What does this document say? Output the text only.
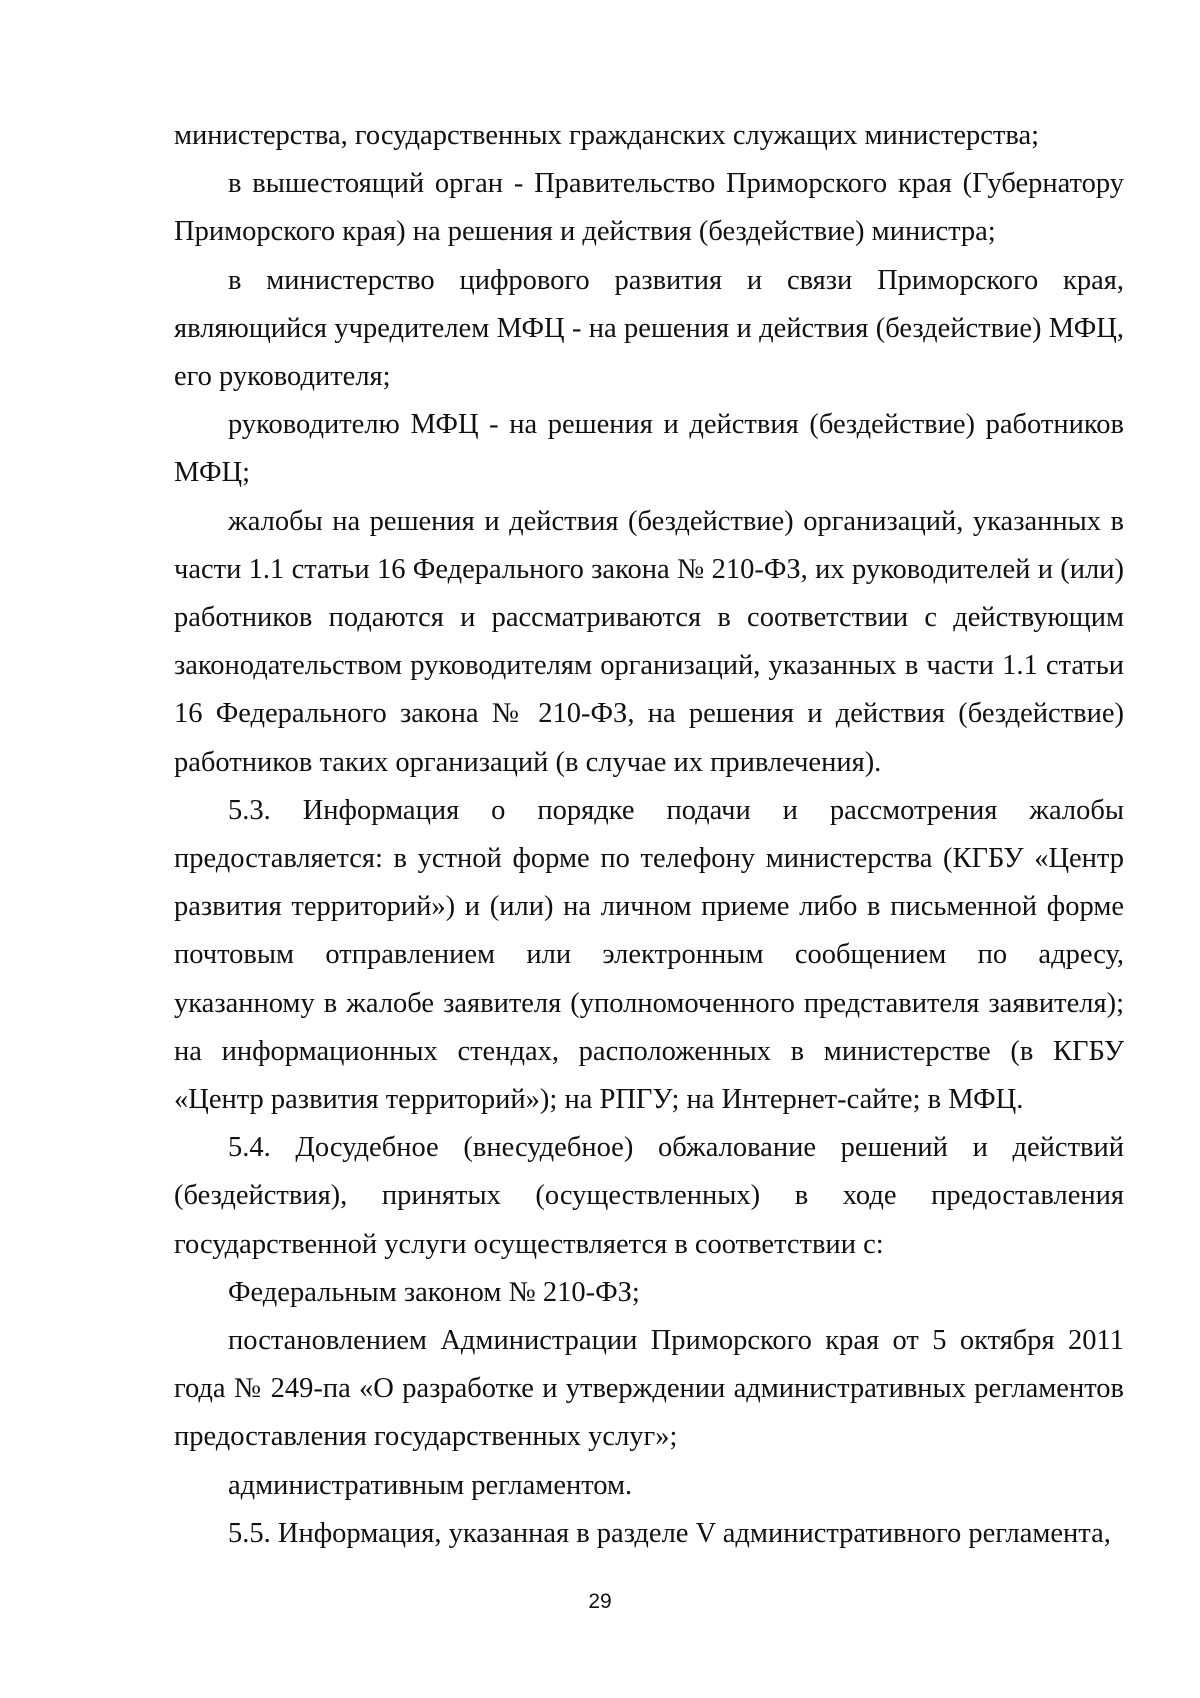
министерства, государственных гражданских служащих министерства;

в вышестоящий орган - Правительство Приморского края (Губернатору Приморского края) на решения и действия (бездействие) министра;

в министерство цифрового развития и связи Приморского края, являющийся учредителем МФЦ - на решения и действия (бездействие) МФЦ, его руководителя;

руководителю МФЦ - на решения и действия (бездействие) работников МФЦ;

жалобы на решения и действия (бездействие) организаций, указанных в части 1.1 статьи 16 Федерального закона № 210-ФЗ, их руководителей и (или) работников подаются и рассматриваются в соответствии с действующим законодательством руководителям организаций, указанных в части 1.1 статьи 16 Федерального закона № 210-ФЗ, на решения и действия (бездействие) работников таких организаций (в случае их привлечения).

5.3. Информация о порядке подачи и рассмотрения жалобы предоставляется: в устной форме по телефону министерства (КГБУ «Центр развития территорий») и (или) на личном приеме либо в письменной форме почтовым отправлением или электронным сообщением по адресу, указанному в жалобе заявителя (уполномоченного представителя заявителя); на информационных стендах, расположенных в министерстве (в КГБУ «Центр развития территорий»); на РПГУ; на Интернет-сайте; в МФЦ.

5.4. Досудебное (внесудебное) обжалование решений и действий (бездействия), принятых (осуществленных) в ходе предоставления государственной услуги осуществляется в соответствии с:

Федеральным законом № 210-ФЗ;

постановлением Администрации Приморского края от 5 октября 2011 года № 249-па «О разработке и утверждении административных регламентов предоставления государственных услуг»;

административным регламентом.

5.5. Информация, указанная в разделе V административного регламента,

29
